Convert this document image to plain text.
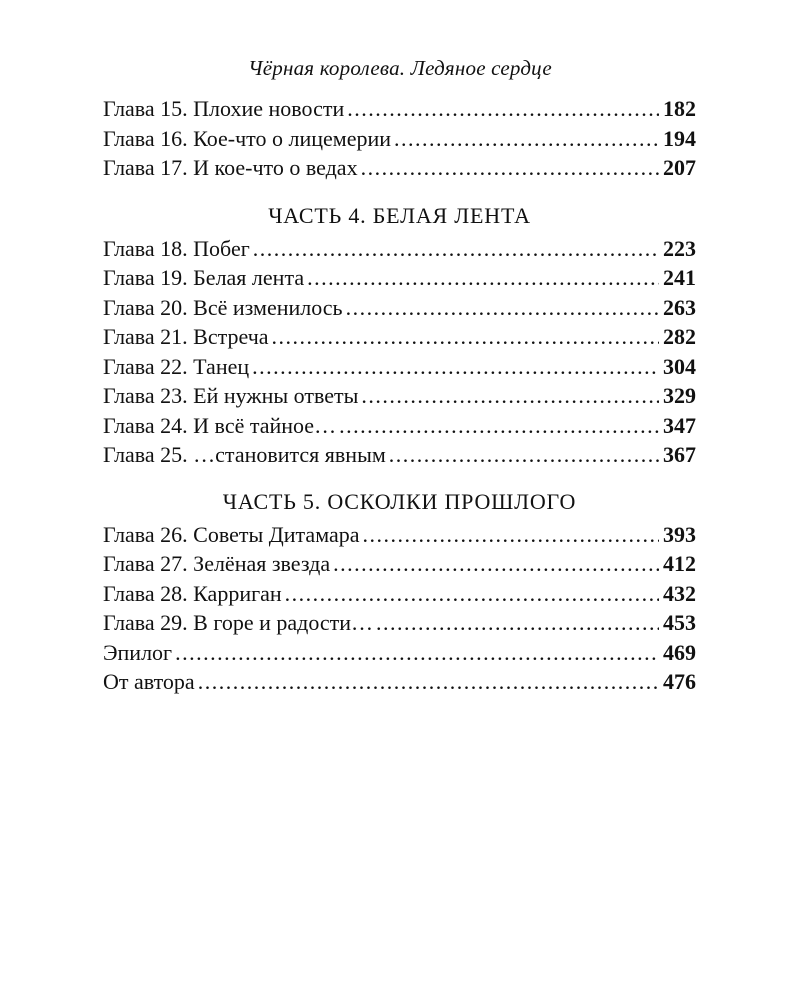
Чёрная королева. Ледяное сердце
Глава 15. Плохие новости .....	182
Глава 16. Кое-что о лицемерии .....	194
Глава 17. И кое-что о ведах .....	207
ЧАСТЬ 4. БЕЛАЯ ЛЕНТА
Глава 18. Побег .....	223
Глава 19. Белая лента .....	241
Глава 20. Всё изменилось .....	263
Глава 21. Встреча .....	282
Глава 22. Танец .....	304
Глава 23. Ей нужны ответы .....	329
Глава 24. И всё тайное… .....	347
Глава 25. …становится явным .....	367
ЧАСТЬ 5. ОСКОЛКИ ПРОШЛОГО
Глава 26. Советы Дитамара .....	393
Глава 27. Зелёная звезда .....	412
Глава 28. Карриган .....	432
Глава 29. В горе и радости… .....	453
Эпилог .....	469
От автора .....	476
